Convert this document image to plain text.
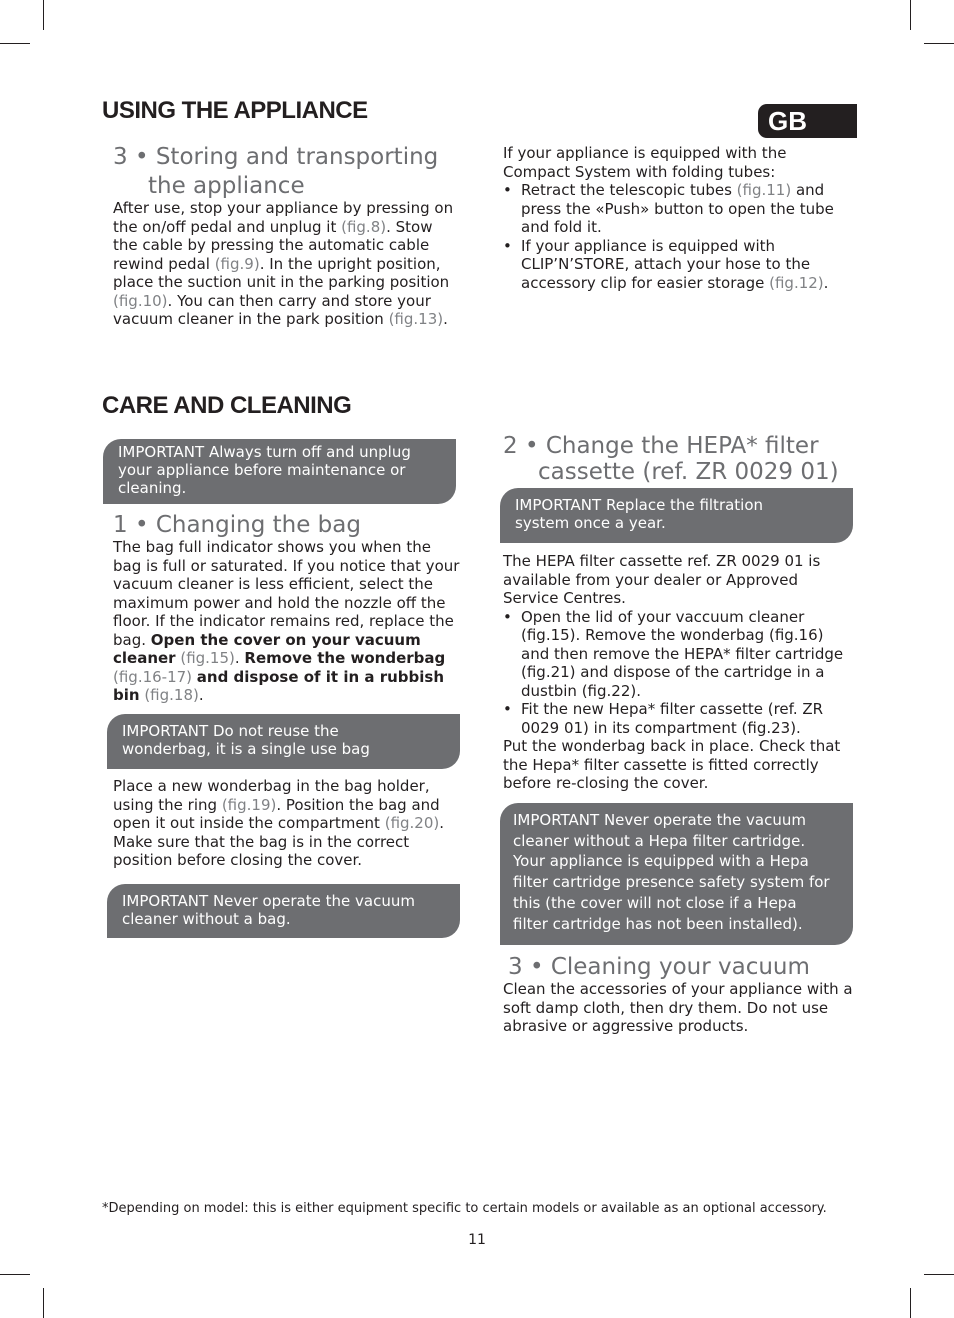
USING THE APPLIANCE	GB
3 • Storing and transporting
the appliance

After use, stop your appliance by pressing on the on/off pedal and unplug it (fig.8). Stow the cable by pressing the automatic cable rewind pedal (fig.9). In the upright position, place the suction unit in the parking position (fig.10). You can then carry and store your vacuum cleaner in the park position (fig.13).

If your appliance is equipped with the Compact System with folding tubes:

• Retract the telescopic tubes (fig.11) and press the «Push» button to open the tube and fold it.
• If your appliance is equipped with CLIP’N’STORE, attach your hose to the accessory clip for easier storage (fig.12).
CARE AND CLEANING
IMPORTANT Always turn off and unplug your appliance before maintenance or cleaning.
1 • Changing the bag

The bag full indicator shows you when the bag is full or saturated. If you notice that your vacuum cleaner is less efficient, select the maximum power and hold the nozzle off the floor. If the indicator remains red, replace the bag. Open the cover on your vacuum cleaner (fig.15). Remove the wonderbag (fig.16-17) and dispose of it in a rubbish bin (fig.18).

IMPORTANT Do not reuse the wonderbag, it is a single use bag

Place a new wonderbag in the bag holder, using the ring (fig.19). Position the bag and open it out inside the compartment (fig.20). Make sure that the bag is in the correct position before closing the cover.

IMPORTANT Never operate the vacuum cleaner without a bag.
2 • Change the HEPA* filter
cassette (ref. ZR 0029 01)
IMPORTANT Replace the filtration system once a year.

The HEPA filter cassette ref. ZR 0029 01 is available from your dealer or Approved Service Centres.

• Open the lid of your vaccuum cleaner (fig.15). Remove the wonderbag (fig.16) and then remove the HEPA* filter cartridge (fig.21) and dispose of the cartridge in a dustbin (fig.22).
• Fit the new Hepa* filter cassette (ref. ZR 0029 01) in its compartment (fig.23).

Put the wonderbag back in place. Check that the Hepa* filter cassette is fitted correctly before re-closing the cover.

IMPORTANT Never operate the vacuum cleaner without a Hepa filter cartridge. Your appliance is equipped with a Hepa filter cartridge presence safety system for this (the cover will not close if a Hepa filter cartridge has not been installed).
3 • Cleaning your vacuum

Clean the accessories of your appliance with a soft damp cloth, then dry them. Do not use abrasive or aggressive products.

*Depending on model: this is either equipment specific to certain models or available as an optional accessory.

11
